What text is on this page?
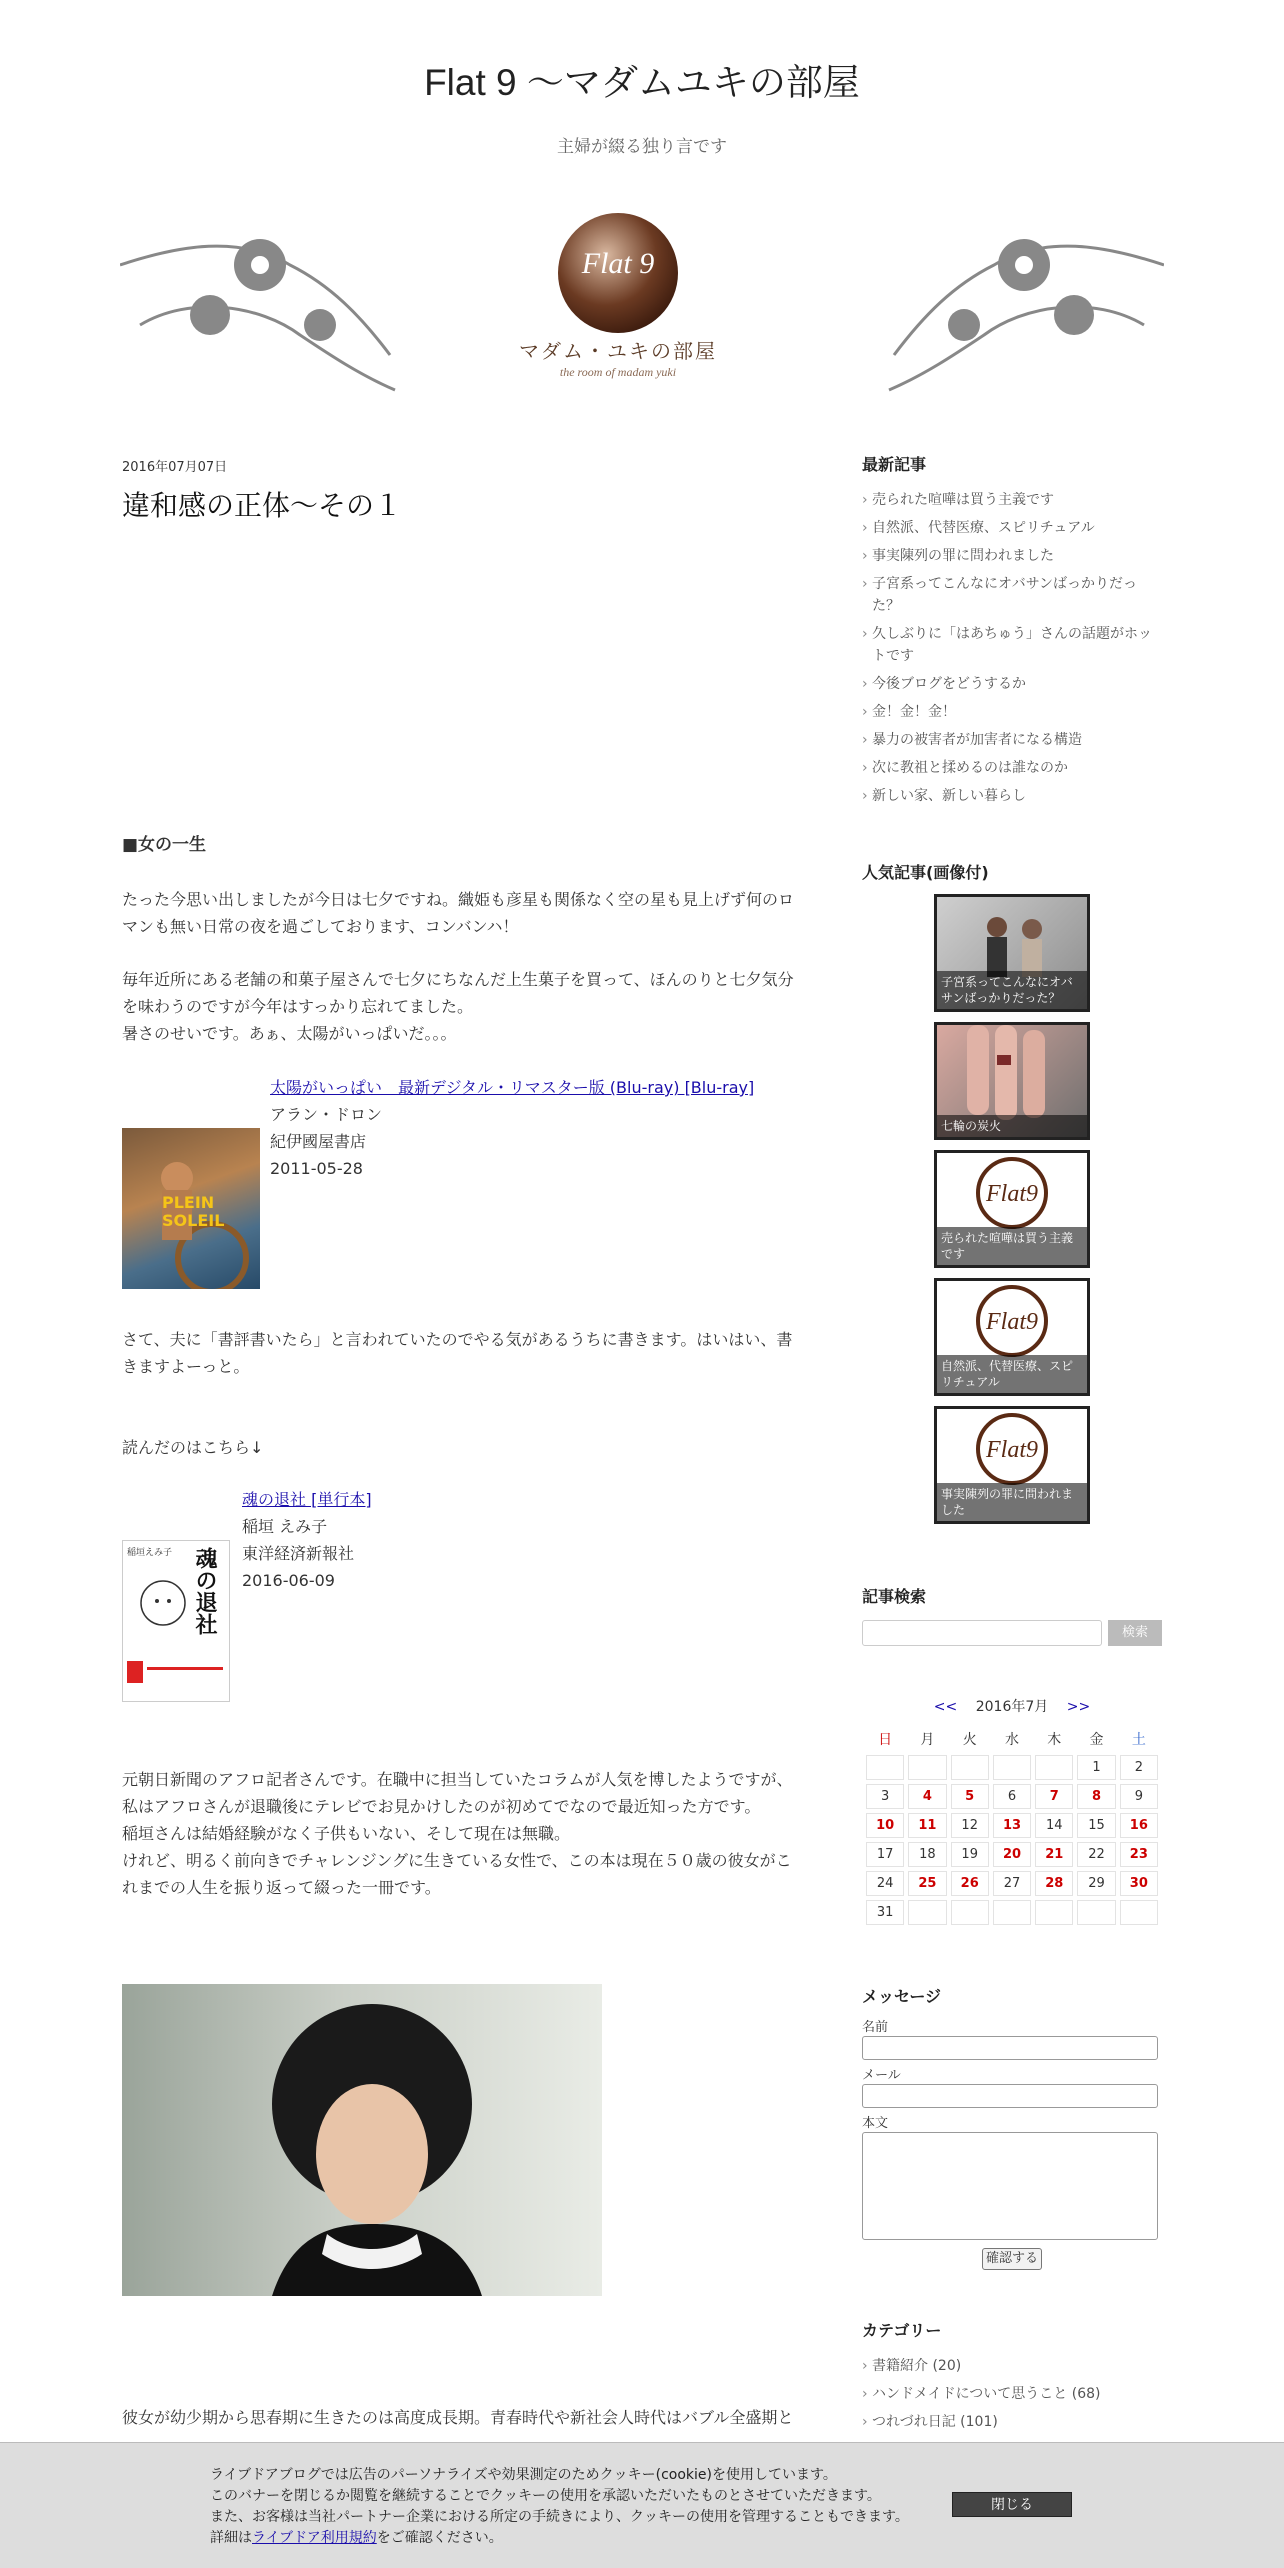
Flat 9 〜マダムユキの部屋
主婦が綴る独り言です
Flat 9
マダム・ユキの部屋
the room of madam yuki
2016年07月07日
違和感の正体〜その１
■女の一生
たった今思い出しましたが今日は七夕ですね。織姫も彦星も関係なく空の星も見上げず何のロマンも無い日常の夜を過ごしております、コンバンハ！
毎年近所にある老舗の和菓子屋さんで七夕にちなんだ上生菓子を買って、ほんのりと七夕気分を味わうのですが今年はすっかり忘れてました。
暑さのせいです。あぁ、太陽がいっぱいだ。。。
PLEIN SOLEIL
太陽がいっぱい　最新デジタル・リマスター版 (Blu-ray) [Blu-ray]
アラン・ドロン
紀伊國屋書店
2011-05-28
さて、夫に「書評書いたら」と言われていたのでやる気があるうちに書きます。はいはい、書きますよーっと。
読んだのはこちら↓
魂の退社
稲垣えみ子
魂の退社 [単行本]
稲垣 えみ子
東洋経済新報社
2016-06-09
元朝日新聞のアフロ記者さんです。在職中に担当していたコラムが人気を博したようですが、
私はアフロさんが退職後にテレビでお見かけしたのが初めてでなので最近知った方です。
稲垣さんは結婚経験がなく子供もいない、そして現在は無職。
けれど、明るく前向きでチャレンジングに生きている女性で、この本は現在５０歳の彼女がこれまでの人生を振り返って綴った一冊です。
彼女が幼少期から思春期に生きたのは高度成長期。青春時代や新社会人時代はバブル全盛期と
最新記事
› 売られた喧嘩は買う主義です
› 自然派、代替医療、スピリチュアル
› 事実陳列の罪に問われました
› 子宮系ってこんなにオバサンばっかりだった？
› 久しぶりに「はあちゅう」さんの話題がホットです
› 今後ブログをどうするか
› 金！金！金！
› 暴力の被害者が加害者になる構造
› 次に教祖と揉めるのは誰なのか
› 新しい家、新しい暮らし
人気記事(画像付)
子宮系ってこんなにオバサンばっかりだった？
七輪の炭火
Flat9
売られた喧嘩は買う主義です
Flat9
自然派、代替医療、スピリチュアル
Flat9
事実陳列の罪に問われました
記事検索
検索
<< 2016年7月 >>
日	月	火	水	木	金	土
					1	2
3	4	5	6	7	8	9
10	11	12	13	14	15	16
17	18	19	20	21	22	23
24	25	26	27	28	29	30
31						
メッセージ
名前
メール
本文
確認する
カテゴリー
› 書籍紹介 (20)
› ハンドメイドについて思うこと (68)
› つれづれ日記 (101)
ライブドアブログでは広告のパーソナライズや効果測定のためクッキー(cookie)を使用しています。
このバナーを閉じるか閲覧を継続することでクッキーの使用を承認いただいたものとさせていただきます。
また、お客様は当社パートナー企業における所定の手続きにより、クッキーの使用を管理することもできます。
詳細はライブドア利用規約をご確認ください。
閉じる
